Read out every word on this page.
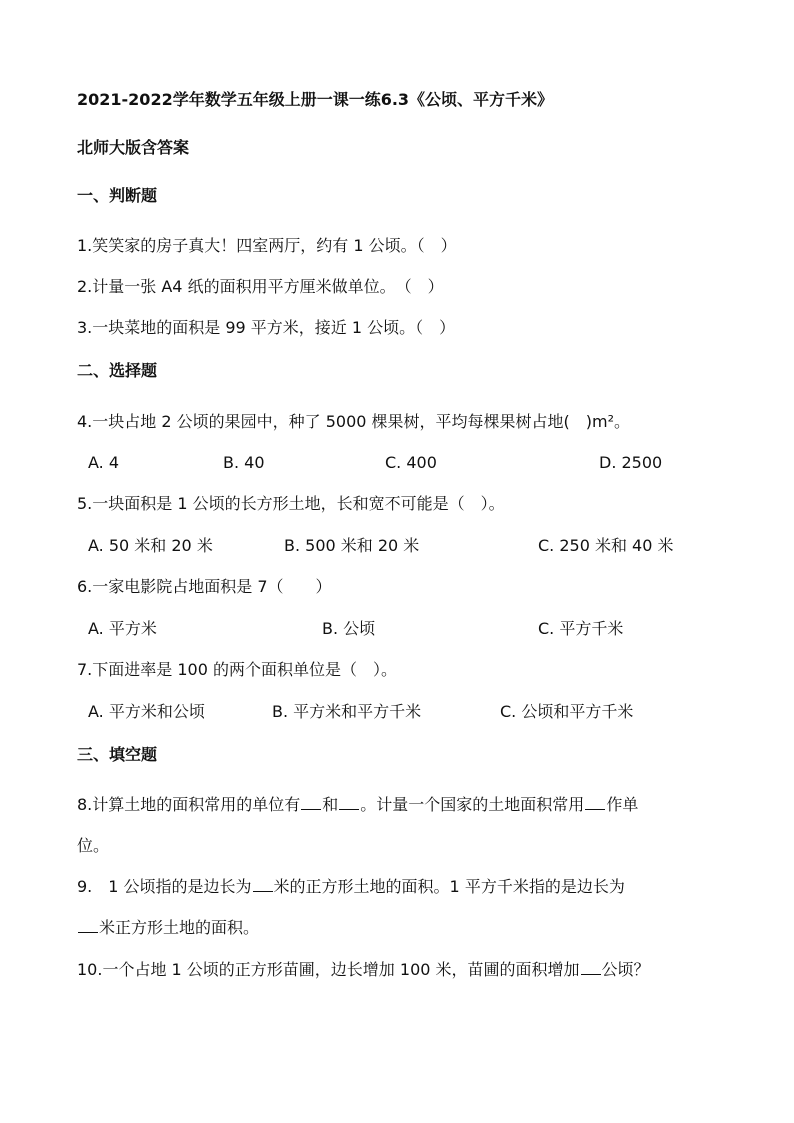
2021-2022学年数学五年级上册一课一练6.3《公顷、平方千米》
北师大版含答案
一、判断题
1.笑笑家的房子真大！四室两厅，约有 1 公顷。（　）
2.计量一张 A4 纸的面积用平方厘米做单位。　（　）
3.一块菜地的面积是 99 平方米，接近 1 公顷。（　）
二、选择题
4.一块占地 2 公顷的果园中，种了 5000 棵果树，平均每棵果树占地(　)m²。
A. 4	B. 40	C. 400	D. 2500
5.一块面积是 1 公顷的长方形土地，长和宽不可能是（　）。
A. 50 米和 20 米	B. 500 米和 20 米	C. 250 米和 40 米
6.一家电影院占地面积是 7（　　）
A. 平方米	B. 公顷	C. 平方千米
7.下面进率是 100 的两个面积单位是（　）。
A. 平方米和公顷	B. 平方米和平方千米	C. 公顷和平方千米
三、填空题
8.计算土地的面积常用的单位有 和 。计量一个国家的土地面积常用 作单
位。
9.　1 公顷指的是边长为 米的正方形土地的面积。1 平方千米指的是边长为
米正方形土地的面积。
10.一个占地 1 公顷的正方形苗圃，边长增加 100 米，苗圃的面积增加 公顷？
